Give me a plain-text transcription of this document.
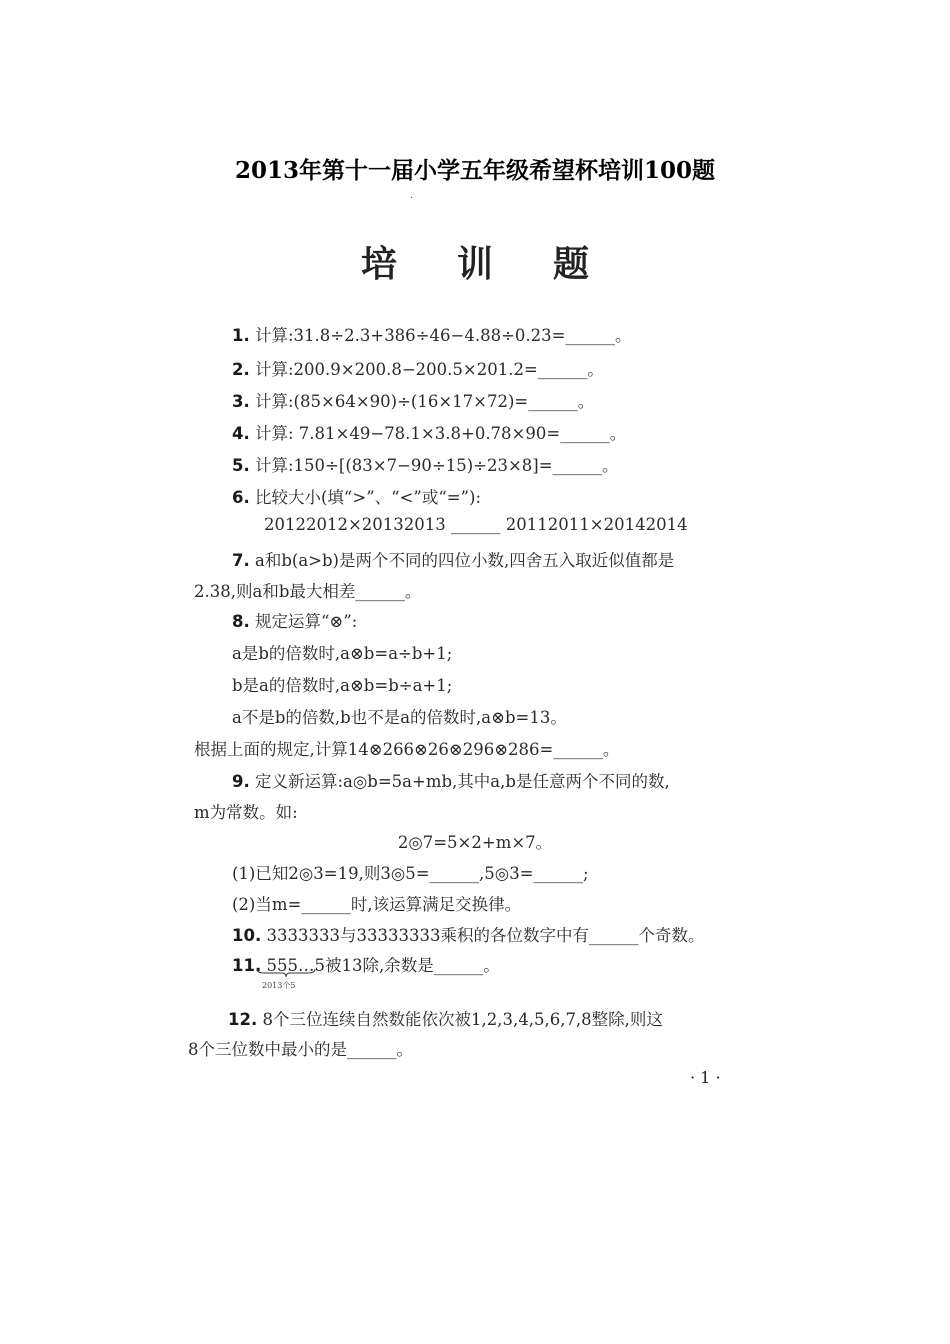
2013年第十一届小学五年级希望杯培训100题
·
培训题
1. 计算:31.8÷2.3+386÷46−4.88÷0.23=______。
2. 计算:200.9×200.8−200.5×201.2=______。
3. 计算:(85×64×90)÷(16×17×72)=______。
4. 计算: 7.81×49−78.1×3.8+0.78×90=______。
5. 计算:150÷[(83×7−90÷15)÷23×8]=______。
6. 比较大小(填“>”、“<”或“=”):
20122012×20132013 ______ 20112011×20142014
7. a和b(a>b)是两个不同的四位小数,四舍五入取近似值都是
2.38,则a和b最大相差______。
8. 规定运算“⊗”:
a是b的倍数时,a⊗b=a÷b+1;
b是a的倍数时,a⊗b=b÷a+1;
a不是b的倍数,b也不是a的倍数时,a⊗b=13。
根据上面的规定,计算14⊗266⊗26⊗296⊗286=______。
9. 定义新运算:a◎b=5a+mb,其中a,b是任意两个不同的数,
m为常数。如:
2◎7=5×2+m×7。
(1)已知2◎3=19,则3◎5=______,5◎3=______;
(2)当m=______时,该运算满足交换律。
10. 3333333与33333333乘积的各位数字中有______个奇数。
11. 555…5被13除,余数是______。
2013个5
12. 8个三位连续自然数能依次被1,2,3,4,5,6,7,8整除,则这
8个三位数中最小的是______。
· 1 ·
